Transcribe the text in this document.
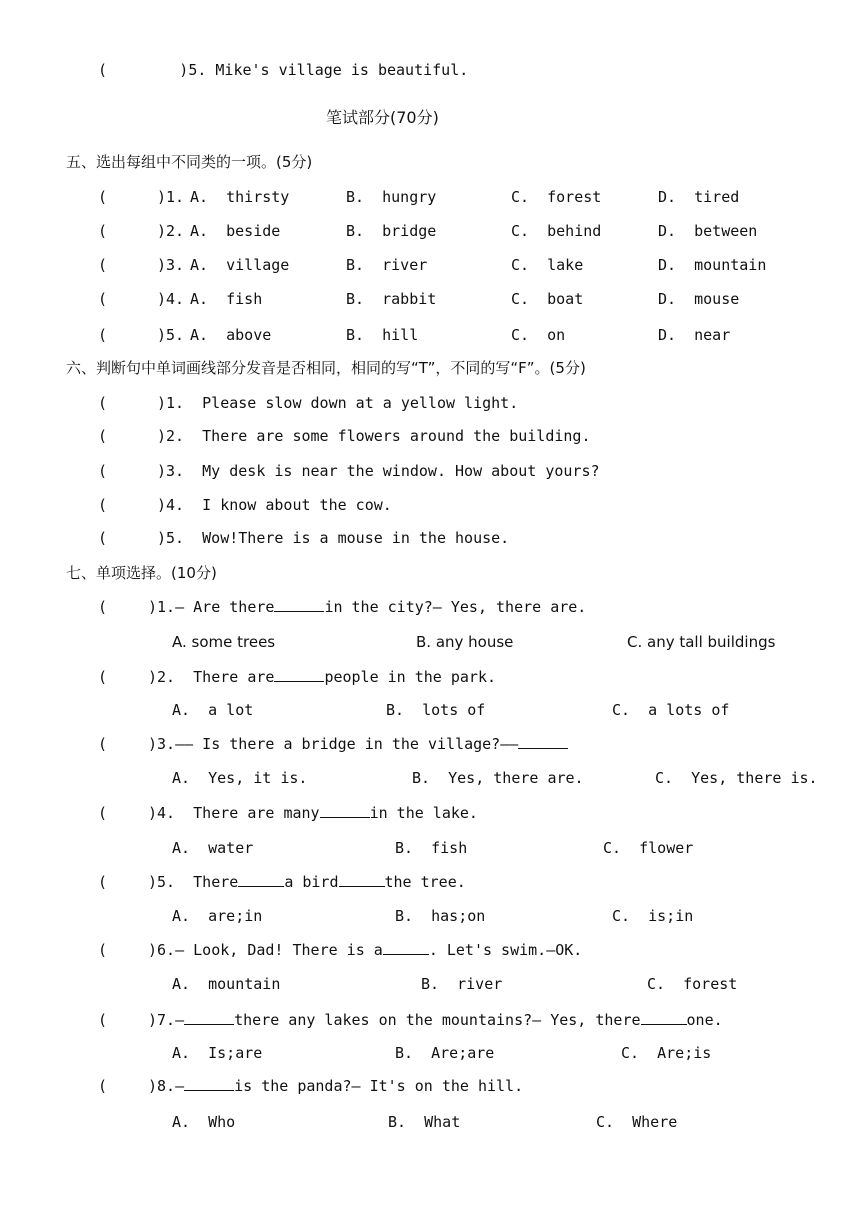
(        )5. Mike's village is beautiful.
笔试部分(70分)
五、选出每组中不同类的一项。(5分)
(	)1. A.  thirsty	B.  hungry	C.  forest	D.  tired
(	)2. A.  beside	B.  bridge	C.  behind	D.  between
(	)3. A.  village	B.  river	C.  lake	D.  mountain
(	)4. A.  fish	B.  rabbit	C.  boat	D.  mouse
(	)5. A.  above	B.  hill	C.  on	D.  near
六、判断句中单词画线部分发音是否相同，相同的写“T”，不同的写“F”。(5分)
(	)1.  Please slow down at a yellow light.
(	)2.  There are some flowers around the building.
(	)3.  My desk is near the window. How about yours?
(	)4.  I know about the cow.
(	)5.  Wow!There is a mouse in the house.
七、单项选择。(10分)
(	)1.— Are there	in the city?— Yes, there are.
A. some trees	B. any house	C. any tall buildings
(	)2.  There are	people in the park.
A.  a lot	B.  lots of	C.  a lots of
(	)3.—— Is there a bridge in the village?——
A.  Yes, it is.	B.  Yes, there are.	C.  Yes, there is.
(	)4.  There are many	in the lake.
A.  water	B.  fish	C.  flower
(	)5.  There	a bird	the tree.
A.  are;in	B.  has;on	C.  is;in
(	)6.— Look, Dad! There is a	. Let's swim.—OK.
A.  mountain	B.  river	C.  forest
(	)7.—	there any lakes on the mountains?— Yes, there	one.
A.  Is;are	B.  Are;are	C.  Are;is
(	)8.—	is the panda?— It's on the hill.
A.  Who	B.  What	C.  Where
